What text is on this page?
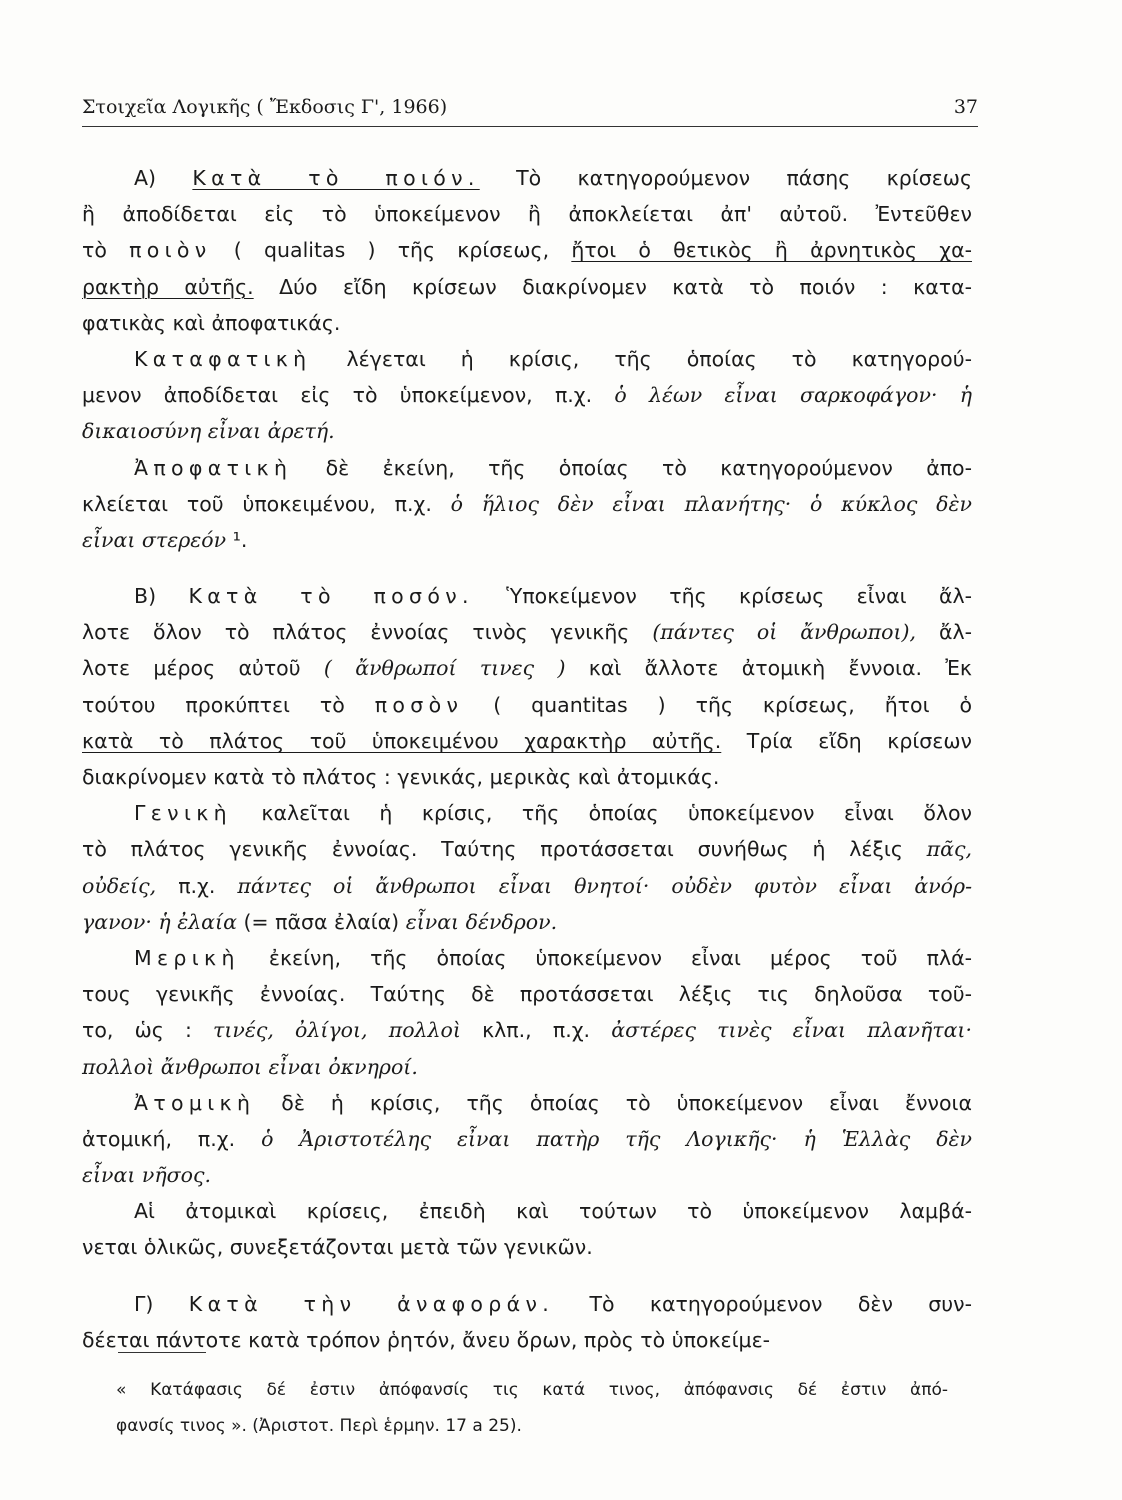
Στοιχεῖα Λογικῆς ( Ἔκδοσις Γ', 1966)	37
A) Κατὰ τὸ ποιόν. Τὸ κατηγορούμενον πάσης κρίσεως
ἢ ἀποδίδεται εἰς τὸ ὑποκείμενον ἢ ἀποκλείεται ἀπ' αὐτοῦ. Ἐντεῦθεν
τὸ ποιὸν ( qualitas ) τῆς κρίσεως, ἤτοι ὁ θετικὸς ἢ ἀρνητικὸς χα-
ρακτὴρ αὐτῆς. Δύο εἴδη κρίσεων διακρίνομεν κατὰ τὸ ποιόν : κατα-
φατικὰς καὶ ἀποφατικάς.
Καταφατικὴ λέγεται ἡ κρίσις, τῆς ὁποίας τὸ κατηγορού-
μενον ἀποδίδεται εἰς τὸ ὑποκείμενον, π.χ. ὁ λέων εἶναι σαρκοφάγον· ἡ
δικαιοσύνη εἶναι ἀρετή.
Ἀποφατικὴ δὲ ἐκείνη, τῆς ὁποίας τὸ κατηγορούμενον ἀπο-
κλείεται τοῦ ὑποκειμένου, π.χ. ὁ ἥλιος δὲν εἶναι πλανήτης· ὁ κύκλος δὲν
εἶναι στερεόν ¹.
B) Κατὰ τὸ ποσόν. Ὑποκείμενον τῆς κρίσεως εἶναι ἄλ-
λοτε ὅλον τὸ πλάτος ἐννοίας τινὸς γενικῆς (πάντες οἱ ἄνθρωποι), ἄλ-
λοτε μέρος αὐτοῦ ( ἄνθρωποί τινες ) καὶ ἄλλοτε ἀτομικὴ ἔννοια. Ἐκ
τούτου προκύπτει τὸ ποσὸν ( quantitas ) τῆς κρίσεως, ἤτοι ὁ
κατὰ τὸ πλάτος τοῦ ὑποκειμένου χαρακτὴρ αὐτῆς. Τρία εἴδη κρίσεων
διακρίνομεν κατὰ τὸ πλάτος : γενικάς, μερικὰς καὶ ἀτομικάς.
Γενικὴ καλεῖται ἡ κρίσις, τῆς ὁποίας ὑποκείμενον εἶναι ὅλον
τὸ πλάτος γενικῆς ἐννοίας. Ταύτης προτάσσεται συνήθως ἡ λέξις πᾶς,
οὐδείς, π.χ. πάντες οἱ ἄνθρωποι εἶναι θνητοί· οὐδὲν φυτὸν εἶναι ἀνόρ-
γανον· ἡ ἐλαία (= πᾶσα ἐλαία) εἶναι δένδρον.
Μερικὴ ἐκείνη, τῆς ὁποίας ὑποκείμενον εἶναι μέρος τοῦ πλά-
τους γενικῆς ἐννοίας. Ταύτης δὲ προτάσσεται λέξις τις δηλοῦσα τοῦ-
το, ὡς : τινές, ὀλίγοι, πολλοὶ κλπ., π.χ. ἀστέρες τινὲς εἶναι πλανῆται·
πολλοὶ ἄνθρωποι εἶναι ὀκνηροί.
Ἀτομικὴ δὲ ἡ κρίσις, τῆς ὁποίας τὸ ὑποκείμενον εἶναι ἔννοια
ἀτομική, π.χ. ὁ Ἀριστοτέλης εἶναι πατὴρ τῆς Λογικῆς· ἡ Ἑλλὰς δὲν
εἶναι νῆσος.
Αἱ ἀτομικαὶ κρίσεις, ἐπειδὴ καὶ τούτων τὸ ὑποκείμενον λαμβά-
νεται ὁλικῶς, συνεξετάζονται μετὰ τῶν γενικῶν.
Γ) Κατὰ τὴν ἀναφοράν. Τὸ κατηγορούμενον δὲν συν-
δέεται πάντοτε κατὰ τρόπον ῥητόν, ἄνευ ὅρων, πρὸς τὸ ὑποκείμε-
« Κατάφασις δέ ἐστιν ἀπόφανσίς τις κατά τινος, ἀπόφανσις δέ ἐστιν ἀπό-
φανσίς τινος ». (Ἀριστοτ. Περὶ ἑρμην. 17 a 25).
